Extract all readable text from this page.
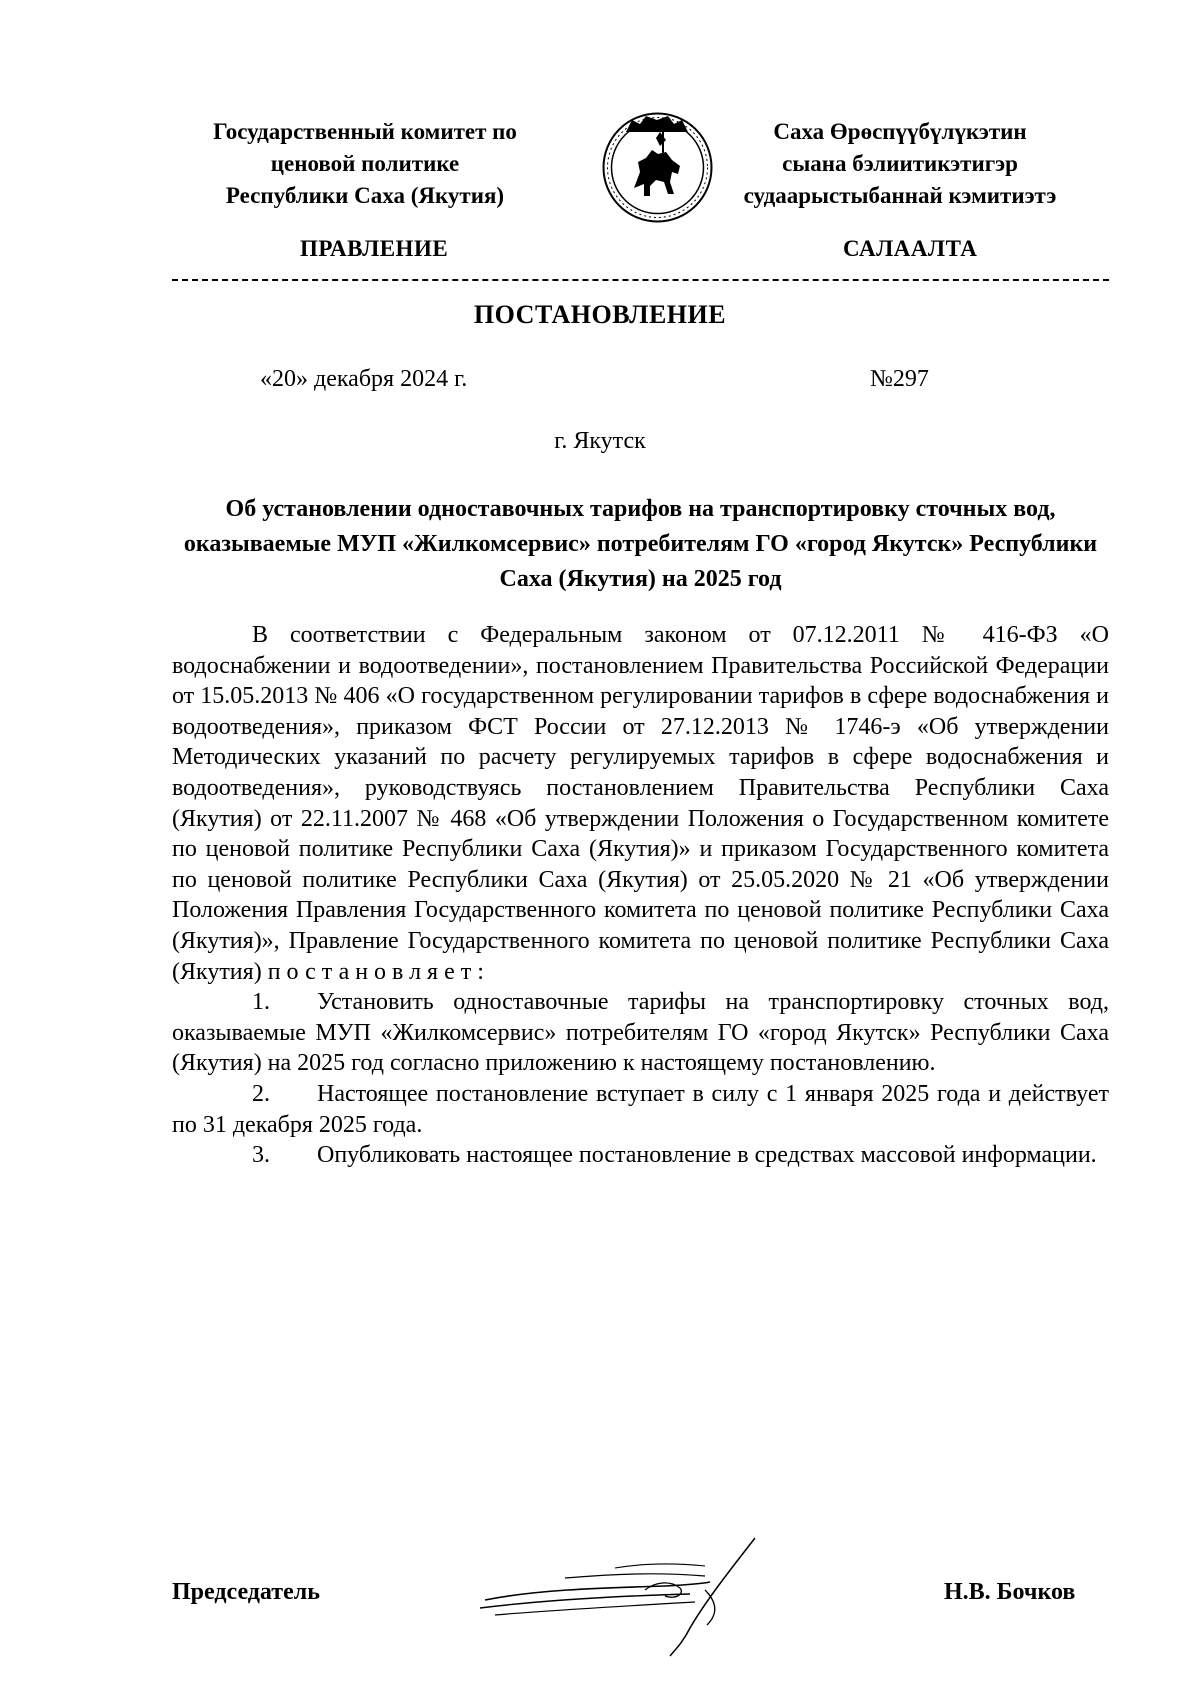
Государственный комитет по
ценовой политике
Республики Саха (Якутия)
Саха Өрөспүүбүлүкэтин
сыана бэлиитикэтигэр
судаарыстыбаннай кэмитиэтэ
ПРАВЛЕНИЕ	САЛААЛТА
ПОСТАНОВЛЕНИЕ
«20» декабря 2024 г.	№297
г. Якутск
Об установлении одноставочных тарифов на транспортировку сточных вод, оказываемые МУП «Жилкомсервис» потребителям ГО «город Якутск» Республики Саха (Якутия) на 2025 год

В соответствии с Федеральным законом от 07.12.2011 № 416-ФЗ «О водоснабжении и водоотведении», постановлением Правительства Российской Федерации от 15.05.2013 № 406 «О государственном регулировании тарифов в сфере водоснабжения и водоотведения», приказом ФСТ России от 27.12.2013 № 1746-э «Об утверждении Методических указаний по расчету регулируемых тарифов в сфере водоснабжения и водоотведения», руководствуясь постановлением Правительства Республики Саха (Якутия) от 22.11.2007 № 468 «Об утверждении Положения о Государственном комитете по ценовой политике Республики Саха (Якутия)» и приказом Государственного комитета по ценовой политике Республики Саха (Якутия) от 25.05.2020 № 21 «Об утверждении Положения Правления Государственного комитета по ценовой политике Республики Саха (Якутия)», Правление Государственного комитета по ценовой политике Республики Саха (Якутия) постановляет:

1. Установить одноставочные тарифы на транспортировку сточных вод, оказываемые МУП «Жилкомсервис» потребителям ГО «город Якутск» Республики Саха (Якутия) на 2025 год согласно приложению к настоящему постановлению.

2. Настоящее постановление вступает в силу с 1 января 2025 года и действует по 31 декабря 2025 года.

3. Опубликовать настоящее постановление в средствах массовой информации.

Председатель	Н.В. Бочков
